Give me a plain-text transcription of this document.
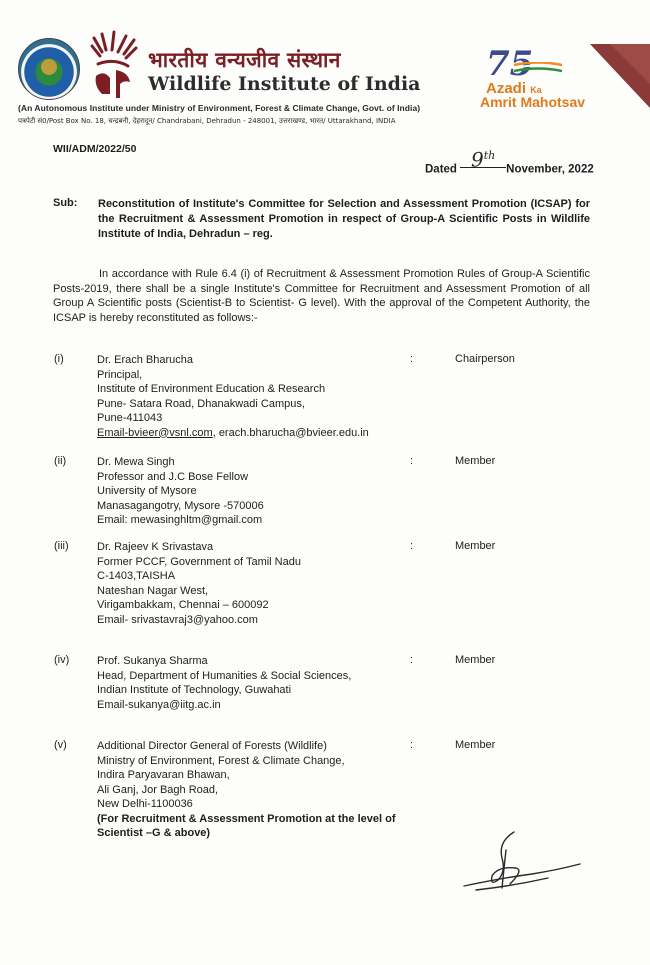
भारतीय वन्यजीव संस्थान
Wildlife Institute of India 75
Azadi Ka
Amrit Mahotsav
(An Autonomous Institute under Ministry of Environment, Forest & Climate Change, Govt. of India)
पत्रपेटी सं0/Post Box No. 18, चन्द्रबनी, देहरादून/ Chandrabani, Dehradun - 248001, उत्तराखण्ड, भारत/ Uttarakhand, INDIA
WII/ADM/2022/50
Dated 9thNovember, 2022
Sub: Reconstitution of Institute's Committee for Selection and Assessment Promotion (ICSAP) for the Recruitment & Assessment Promotion in respect of Group-A Scientific Posts in Wildlife Institute of India, Dehradun – reg.
In accordance with Rule 6.4 (i) of Recruitment & Assessment Promotion Rules of Group-A Scientific Posts-2019, there shall be a single Institute's Committee for Recruitment and Assessment Promotion of all Group A Scientific posts (Scientist-B to Scientist- G level). With the approval of the Competent Authority, the ICSAP is hereby reconstituted as follows:-
(i)	Dr. Erach Bharucha
Principal,
Institute of Environment Education & Research
Pune- Satara Road, Dhanakwadi Campus,
Pune-411043
Email-bvieer@vsnl.com, erach.bharucha@bvieer.edu.in
:	Chairperson
(ii)	Dr. Mewa Singh
Professor and J.C Bose Fellow
University of Mysore
Manasagangotry, Mysore -570006
Email: mewasinghltm@gmail.com
:	Member
(iii)	Dr. Rajeev K Srivastava
Former PCCF, Government of Tamil Nadu
C-1403,TAISHA
Nateshan Nagar West,
Virigambakkam, Chennai – 600092
Email- srivastavraj3@yahoo.com
:	Member
(iv)	Prof. Sukanya Sharma
Head, Department of Humanities & Social Sciences,
Indian Institute of Technology, Guwahati
Email-sukanya@iitg.ac.in
:	Member
(v)	Additional Director General of Forests (Wildlife)
Ministry of Environment, Forest & Climate Change,
Indira Paryavaran Bhawan,
Ali Ganj, Jor Bagh Road,
New Delhi-1100036
(For Recruitment & Assessment Promotion at the level of Scientist –G & above)
:	Member
